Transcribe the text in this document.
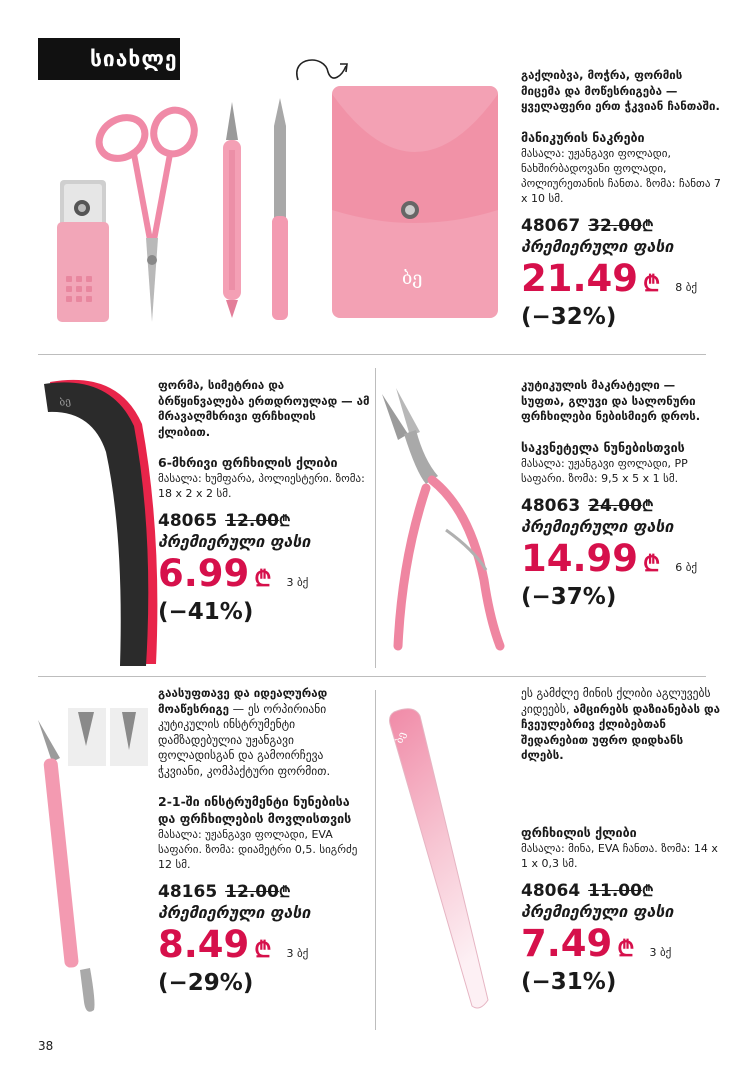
სიახლე
ბე
გაქლიბვა, მოჭრა, ფორმის მიცემა და მოწესრიგება — ყველაფერი ერთ ჭკვიან ჩანთაში.
მანიკურის ნაკრები
მასალა: უჟანგავი ფოლადი, ნახშირბადოვანი ფოლადი, პოლიურეთანის ჩანთა. ზომა: ჩანთა 7 x 10 სმ.
48067 32.00₾
პრემიერული ფასი
21.49 ₾ 8 ბქ
(−32%)
ბე
ფორმა, სიმეტრია და ბრწყინვალება ერთდროულად — ამ მრავალმხრივი ფრჩხილის ქლიბით.
6-მხრივი ფრჩხილის ქლიბი
მასალა: ხუმფარა, პოლიესტერი. ზომა: 18 x 2 x 2 სმ.
48065 12.00₾
პრემიერული ფასი
6.99 ₾ 3 ბქ
(−41%)
კუტიკულის მაკრატელი — სუფთა, გლუვი და სალონური ფრჩხილები ნებისმიერ დროს.
საკვნეტელა ნუნებისთვის
მასალა: უჟანგავი ფოლადი, PP საფარი. ზომა: 9,5 x 5 x 1 სმ.
48063 24.00₾
პრემიერული ფასი
14.99 ₾ 6 ბქ
(−37%)
გაასუფთავე და იდეალურად მოაწესრიგე — ეს ორპირიანი კუტიკულის ინსტრუმენტი დამზადებულია უჟანგავი ფოლადისგან და გამოირჩევა ჭკვიანი, კომპაქტური ფორმით.
2-1-ში ინსტრუმენტი ნუნებისა და ფრჩხილების მოვლისთვის
მასალა: უჟანგავი ფოლადი, EVA საფარი. ზომა: დიამეტრი 0,5. სიგრძე 12 სმ.
48165 12.00₾
პრემიერული ფასი
8.49 ₾ 3 ბქ
(−29%)
ბე
ეს გამძლე მინის ქლიბი აგლუვებს კიდეებს, ამცირებს დაზიანებას და ჩვეულებრივ ქლიბებთან შედარებით უფრო დიდხანს ძლებს.
ფრჩხილის ქლიბი
მასალა: მინა, EVA ჩანთა. ზომა: 14 x 1 x 0,3 სმ.
48064 11.00₾
პრემიერული ფასი
7.49 ₾ 3 ბქ
(−31%)
38
